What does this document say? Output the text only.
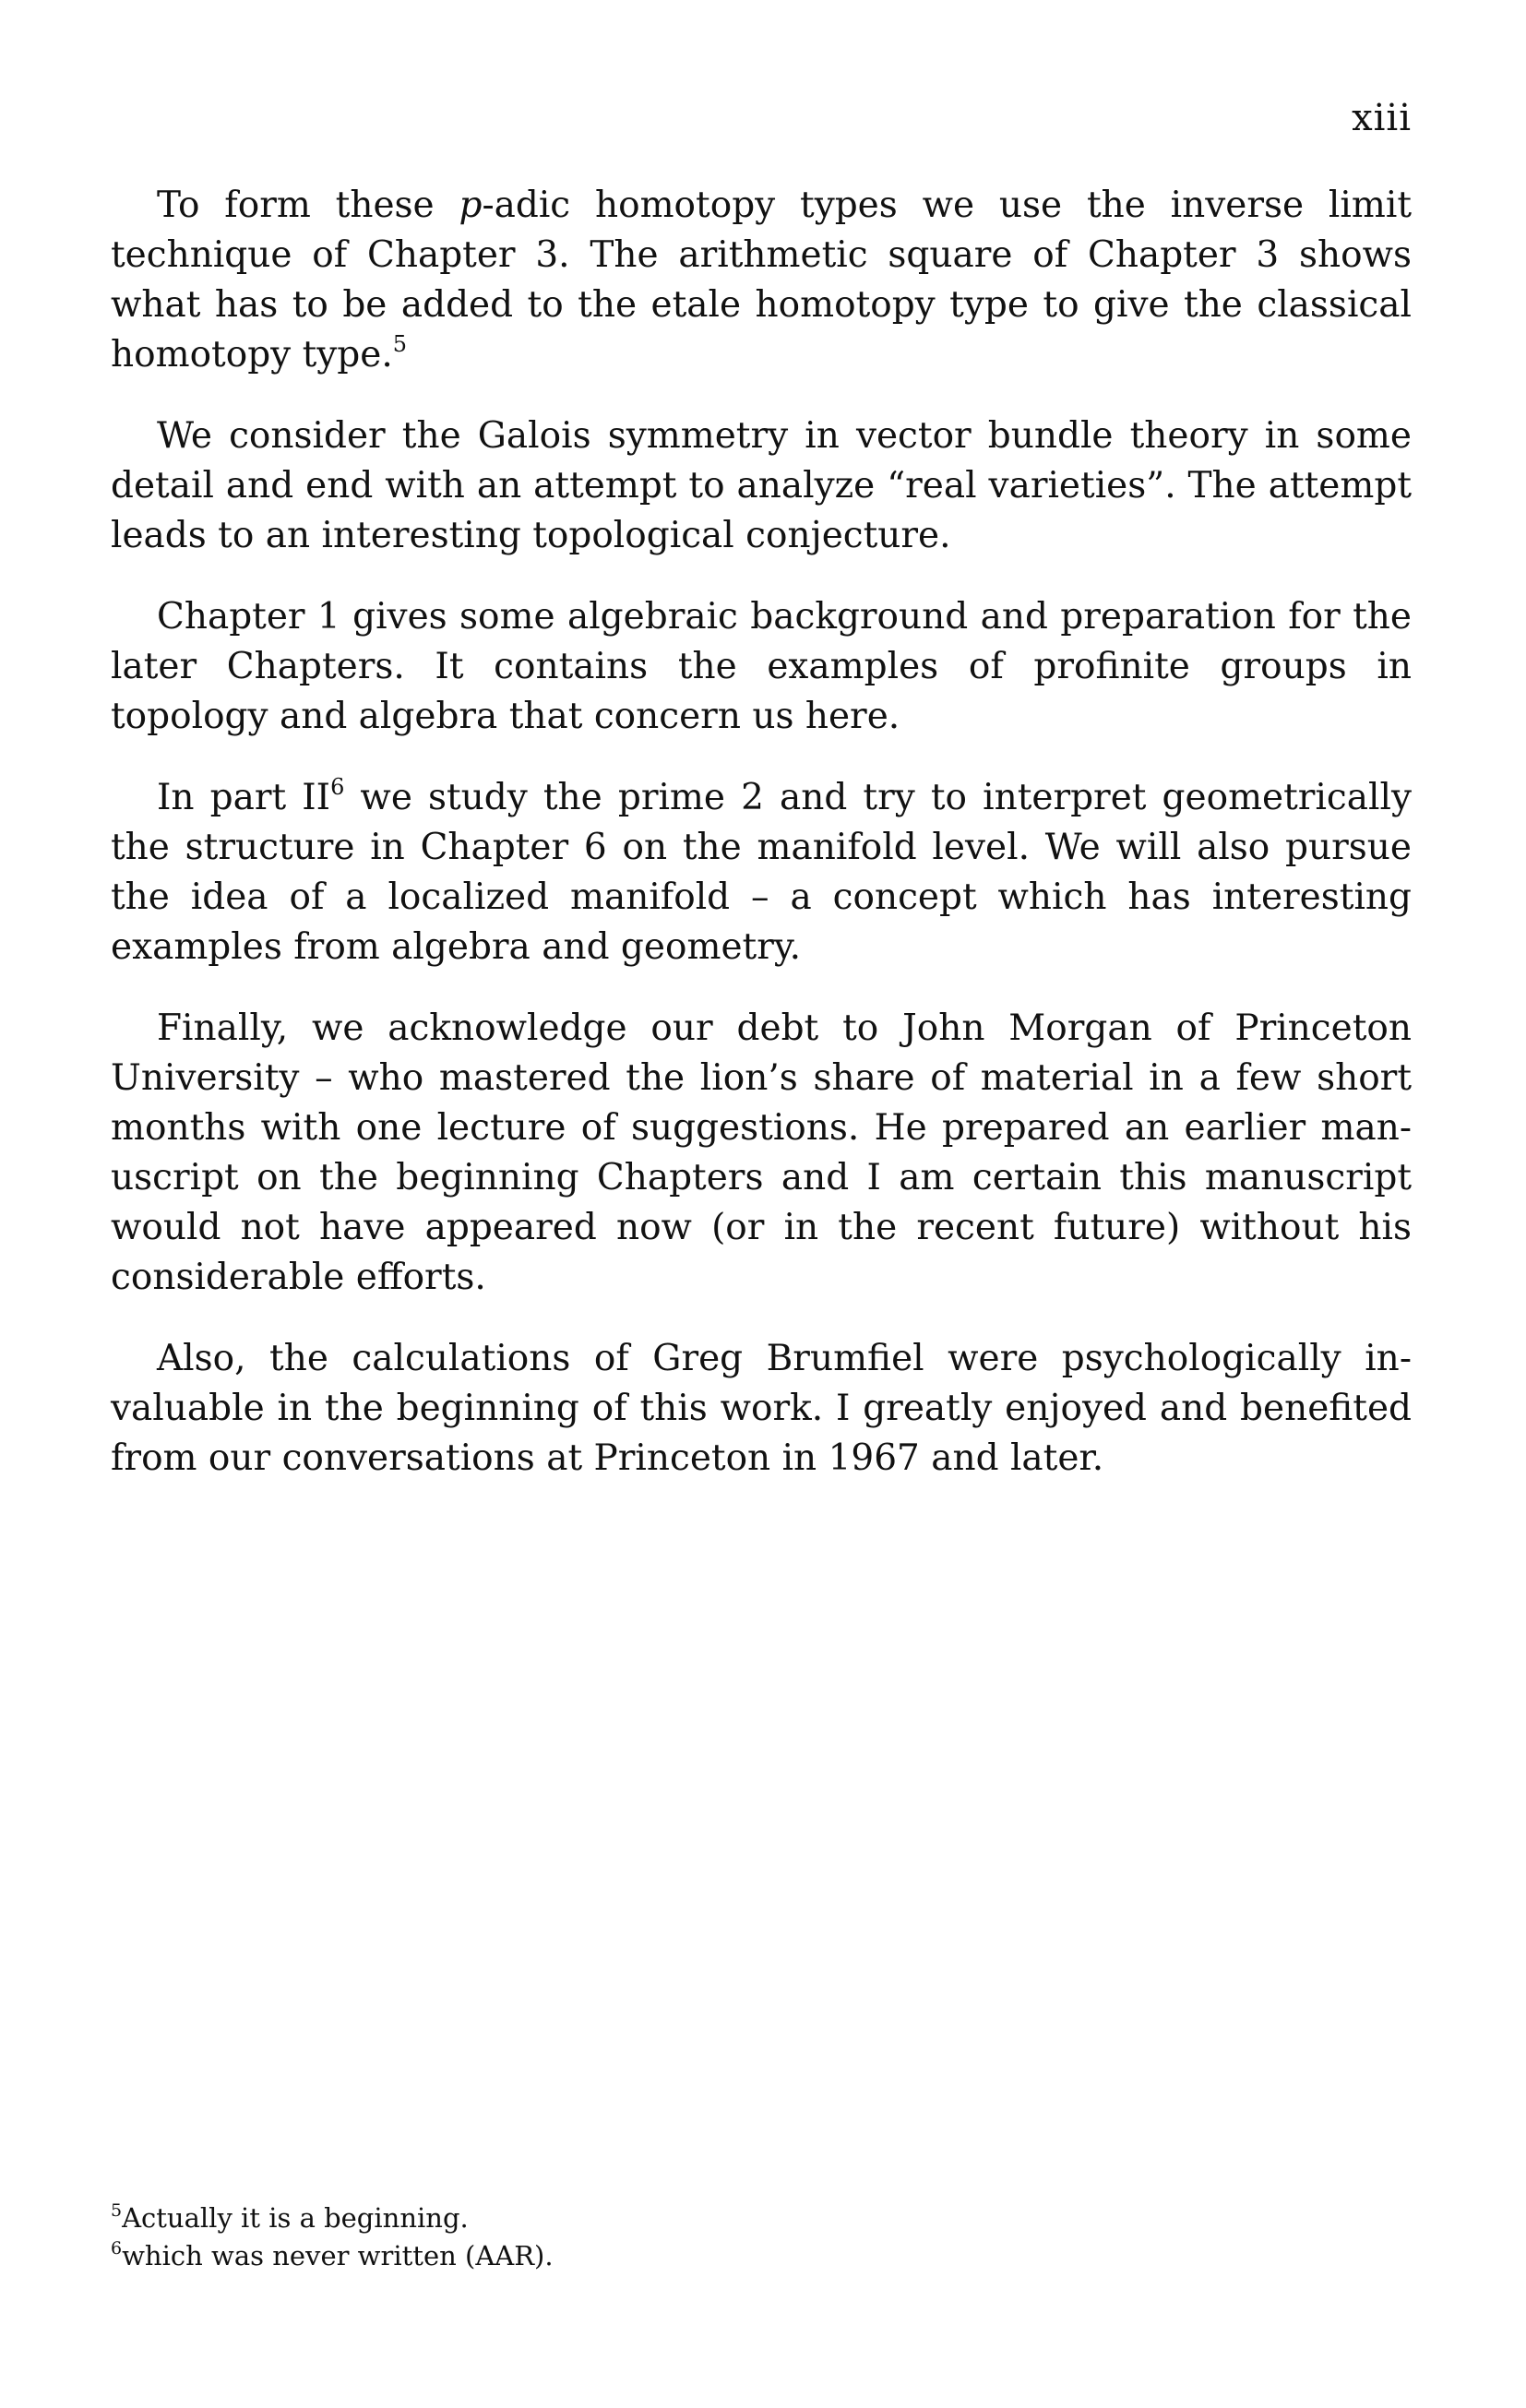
xiii

To form these p-adic homotopy types we use the inverse limit technique of Chapter 3. The arithmetic square of Chapter 3 shows what has to be added to the etale homotopy type to give the classical homotopy type.$^5$

We consider the Galois symmetry in vector bundle theory in some detail and end with an attempt to analyze “real varieties”. The attempt leads to an interesting topological conjecture.

Chapter 1 gives some algebraic background and preparation for the later Chapters. It contains the examples of profinite groups in topology and algebra that concern us here.

In part $II^6$ we study the prime 2 and try to interpret geometrically the structure in Chapter 6 on the manifold level. We will also pursue the idea of a localized manifold – a concept which has interesting examples from algebra and geometry.

Finally, we acknowledge our debt to John Morgan of Princeton University – who mastered the lion’s share of material in a few short months with one lecture of suggestions. He prepared an earlier manuscript on the beginning Chapters and I am certain this manuscript would not have appeared now (or in the recent future) without his considerable efforts.

Also, the calculations of Greg Brumfiel were psychologically invaluable in the beginning of this work. I greatly enjoyed and benefited from our conversations at Princeton in 1967 and later.

$^5$Actually it is a beginning.

$^6$which was never written (AAR).
